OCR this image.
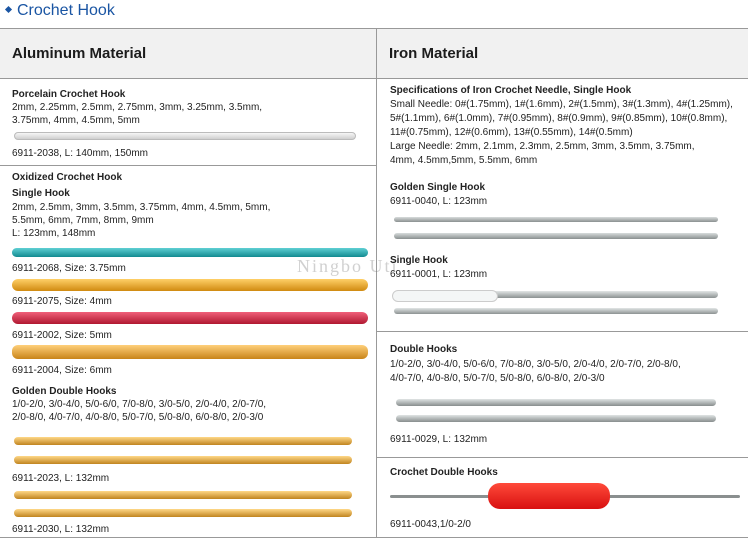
Crochet Hook
Aluminum Material	Iron Material
Porcelain Crochet Hook
2mm, 2.25mm, 2.5mm, 2.75mm, 3mm, 3.25mm, 3.5mm,
3.75mm, 4mm, 4.5mm, 5mm
6911-2038, L: 140mm, 150mm
Oxidized Crochet Hook
Single Hook
2mm, 2.5mm, 3mm, 3.5mm, 3.75mm, 4mm, 4.5mm, 5mm,
5.5mm, 6mm, 7mm, 8mm, 9mm
L: 123mm, 148mm
6911-2068, Size: 3.75mm
6911-2075, Size: 4mm
6911-2002, Size: 5mm
6911-2004, Size: 6mm
Golden Double Hooks
1/0-2/0, 3/0-4/0, 5/0-6/0, 7/0-8/0, 3/0-5/0, 2/0-4/0, 2/0-7/0,
2/0-8/0, 4/0-7/0, 4/0-8/0, 5/0-7/0, 5/0-8/0, 6/0-8/0, 2/0-3/0
6911-2023, L: 132mm
6911-2030, L: 132mm
Specifications of Iron Crochet Needle, Single Hook
Small Needle: 0#(1.75mm), 1#(1.6mm), 2#(1.5mm), 3#(1.3mm), 4#(1.25mm),
5#(1.1mm), 6#(1.0mm), 7#(0.95mm), 8#(0.9mm), 9#(0.85mm), 10#(0.8mm),
11#(0.75mm), 12#(0.6mm), 13#(0.55mm), 14#(0.5mm)
Large Needle: 2mm, 2.1mm, 2.3mm, 2.5mm, 3mm, 3.5mm, 3.75mm,
4mm, 4.5mm,5mm, 5.5mm, 6mm
Golden Single Hook
6911-0040, L: 123mm
Single Hook
6911-0001, L: 123mm
Double Hooks
1/0-2/0, 3/0-4/0, 5/0-6/0, 7/0-8/0, 3/0-5/0, 2/0-4/0, 2/0-7/0, 2/0-8/0,
4/0-7/0, 4/0-8/0, 5/0-7/0, 5/0-8/0, 6/0-8/0, 2/0-3/0
6911-0029, L: 132mm
Crochet Double Hooks
6911-0043,1/0-2/0
Ningbo Uti
